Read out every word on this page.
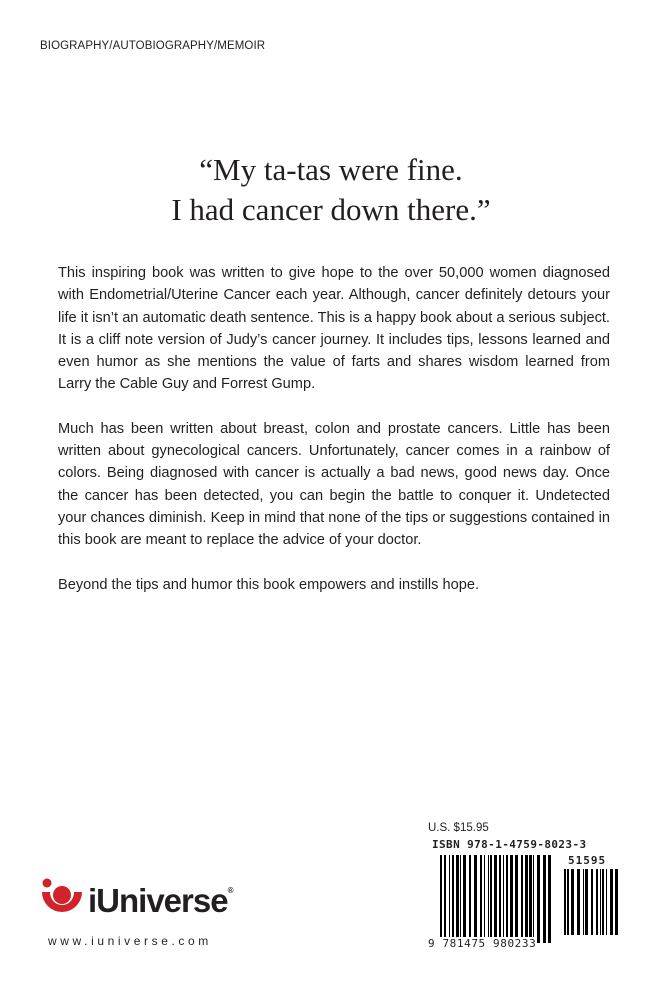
BIOGRAPHY/AUTOBIOGRAPHY/MEMOIR
“My ta-tas were fine.
I had cancer down there.”

This inspiring book was written to give hope to the over 50,000 women diagnosed with Endometrial/Uterine Cancer each year. Although, cancer definitely detours your life it isn’t an automatic death sentence. This is a happy book about a serious subject. It is a cliff note version of Judy’s cancer journey. It includes tips, lessons learned and even humor as she mentions the value of farts and shares wisdom learned from Larry the Cable Guy and Forrest Gump.

Much has been written about breast, colon and prostate cancers. Little has been written about gynecological cancers. Unfortunately, cancer comes in a rainbow of colors. Being diagnosed with cancer is actually a bad news, good news day. Once the cancer has been detected, you can begin the battle to conquer it. Undetected your chances diminish. Keep in mind that none of the tips or suggestions contained in this book are meant to replace the advice of your doctor.

Beyond the tips and humor this book empowers and instills hope.

U.S. $15.95
ISBN 978-1-4759-8023-3
51595
9 781475 980233
iUniverse®
www.iuniverse.com
